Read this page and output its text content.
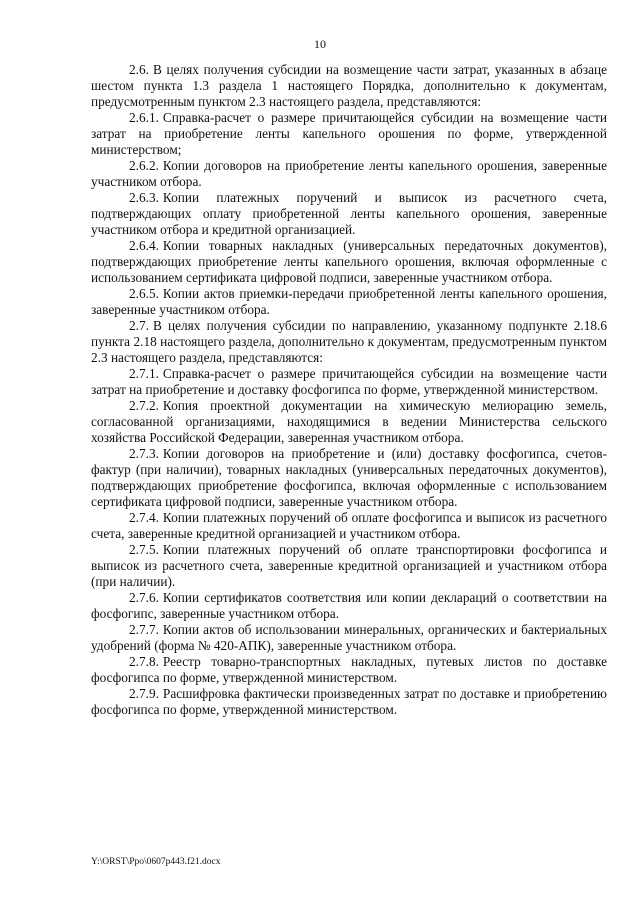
10

2.6. В целях получения субсидии на возмещение части затрат, указанных в абзаце шестом пункта 1.3 раздела 1 настоящего Порядка, дополнительно к документам, предусмотренным пунктом 2.3 настоящего раздела, представляются:

2.6.1. Справка-расчет о размере причитающейся субсидии на возмещение части затрат на приобретение ленты капельного орошения по форме, утвержденной министерством;

2.6.2. Копии договоров на приобретение ленты капельного орошения, заверенные участником отбора.

2.6.3. Копии платежных поручений и выписок из расчетного счета, подтверждающих оплату приобретенной ленты капельного орошения, заверенные участником отбора и кредитной организацией.

2.6.4. Копии товарных накладных (универсальных передаточных документов), подтверждающих приобретение ленты капельного орошения, включая оформленные с использованием сертификата цифровой подписи, заверенные участником отбора.

2.6.5. Копии актов приемки-передачи приобретенной ленты капельного орошения, заверенные участником отбора.

2.7. В целях получения субсидии по направлению, указанному подпункте 2.18.6 пункта 2.18 настоящего раздела, дополнительно к документам, предусмотренным пунктом 2.3 настоящего раздела, представляются:

2.7.1. Справка-расчет о размере причитающейся субсидии на возмещение части затрат на приобретение и доставку фосфогипса по форме, утвержденной министерством.

2.7.2. Копия проектной документации на химическую мелиорацию земель, согласованной организациями, находящимися в ведении Министерства сельского хозяйства Российской Федерации, заверенная участником отбора.

2.7.3. Копии договоров на приобретение и (или) доставку фосфогипса, счетов-фактур (при наличии), товарных накладных (универсальных передаточных документов), подтверждающих приобретение фосфогипса, включая оформленные с использованием сертификата цифровой подписи, заверенные участником отбора.

2.7.4. Копии платежных поручений об оплате фосфогипса и выписок из расчетного счета, заверенные кредитной организацией и участником отбора.

2.7.5. Копии платежных поручений об оплате транспортировки фосфогипса и выписок из расчетного счета, заверенные кредитной организацией и участником отбора (при наличии).

2.7.6. Копии сертификатов соответствия или копии деклараций о соответствии на фосфогипс, заверенные участником отбора.

2.7.7. Копии актов об использовании минеральных, органических и бактериальных удобрений (форма № 420-АПК), заверенные участником отбора.

2.7.8. Реестр товарно-транспортных накладных, путевых листов по доставке фосфогипса по форме, утвержденной министерством.

2.7.9. Расшифровка фактически произведенных затрат по доставке и приобретению фосфогипса по форме, утвержденной министерством.

Y:\ORST\Ppo\0607p443.f21.docx
